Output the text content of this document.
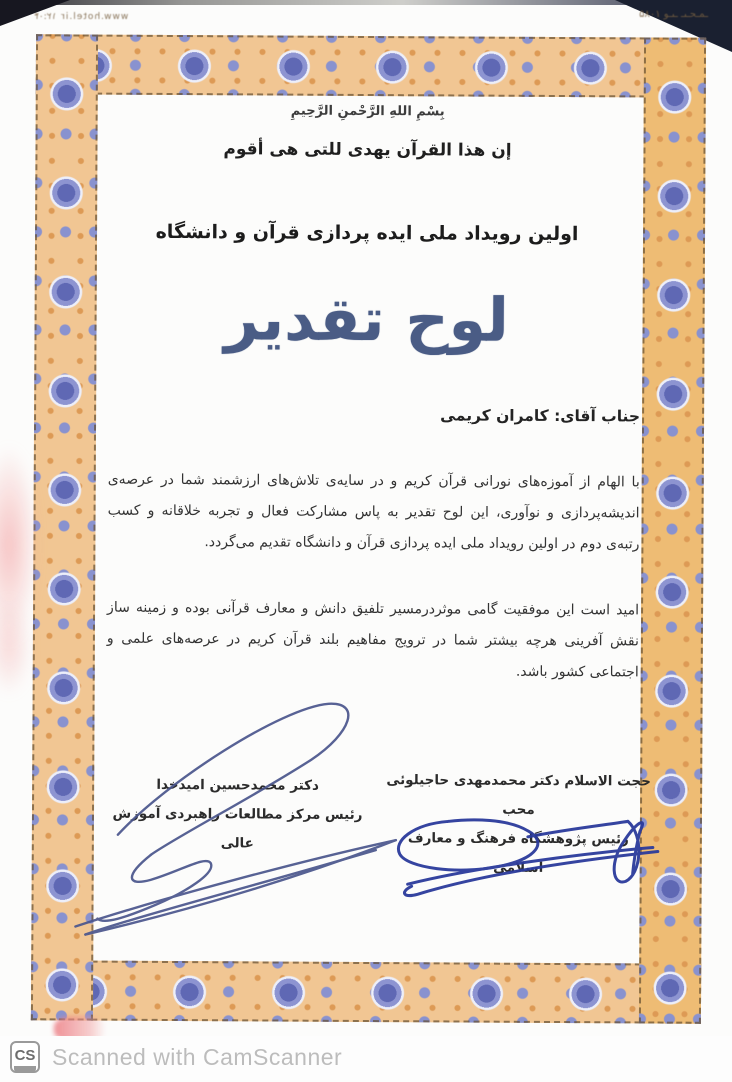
www.hotel.ir ۱۲:۰۴	ـمـحـٮـ ـٮـو ۵۸۰۱
بِسْمِ اللهِ الرَّحْمنِ الرَّحِيمِ
إن هذا القرآن یهدی للتی هی أقوم
اولین رویداد ملی ایده پردازی قرآن و دانشگاه
لوح تقدیر
جناب آقای: کامران کریمی
با الهام از آموزه‌های نورانی قرآن کریم و در سایه‌ی تلاش‌های ارزشمند شما در عرصه‌ی اندیشه‌پردازی و نوآوری، این لوح تقدیر به پاس مشارکت فعال و تجربه خلاقانه و کسب رتبه‌ی دوم در اولین رویداد ملی ایده پردازی قرآن و دانشگاه تقدیم می‌گردد.
امید است این موفقیت گامی موثردرمسیر تلفیق دانش و معارف قرآنی بوده و زمینه ساز نقش آفرینی هرچه بیشتر شما در ترویج مفاهیم بلند قرآن کریم در عرصه‌های علمی و اجتماعی کشور باشد.
دکتر محمدحسین امیدخدا
رئیس مرکز مطالعات راهبردی آموزش عالی
حجت الاسلام دکتر محمدمهدی حاجیلوئی محب
رئیس پژوهشگاه فرهنگ و معارف اسلامی
CS Scanned with CamScanner
